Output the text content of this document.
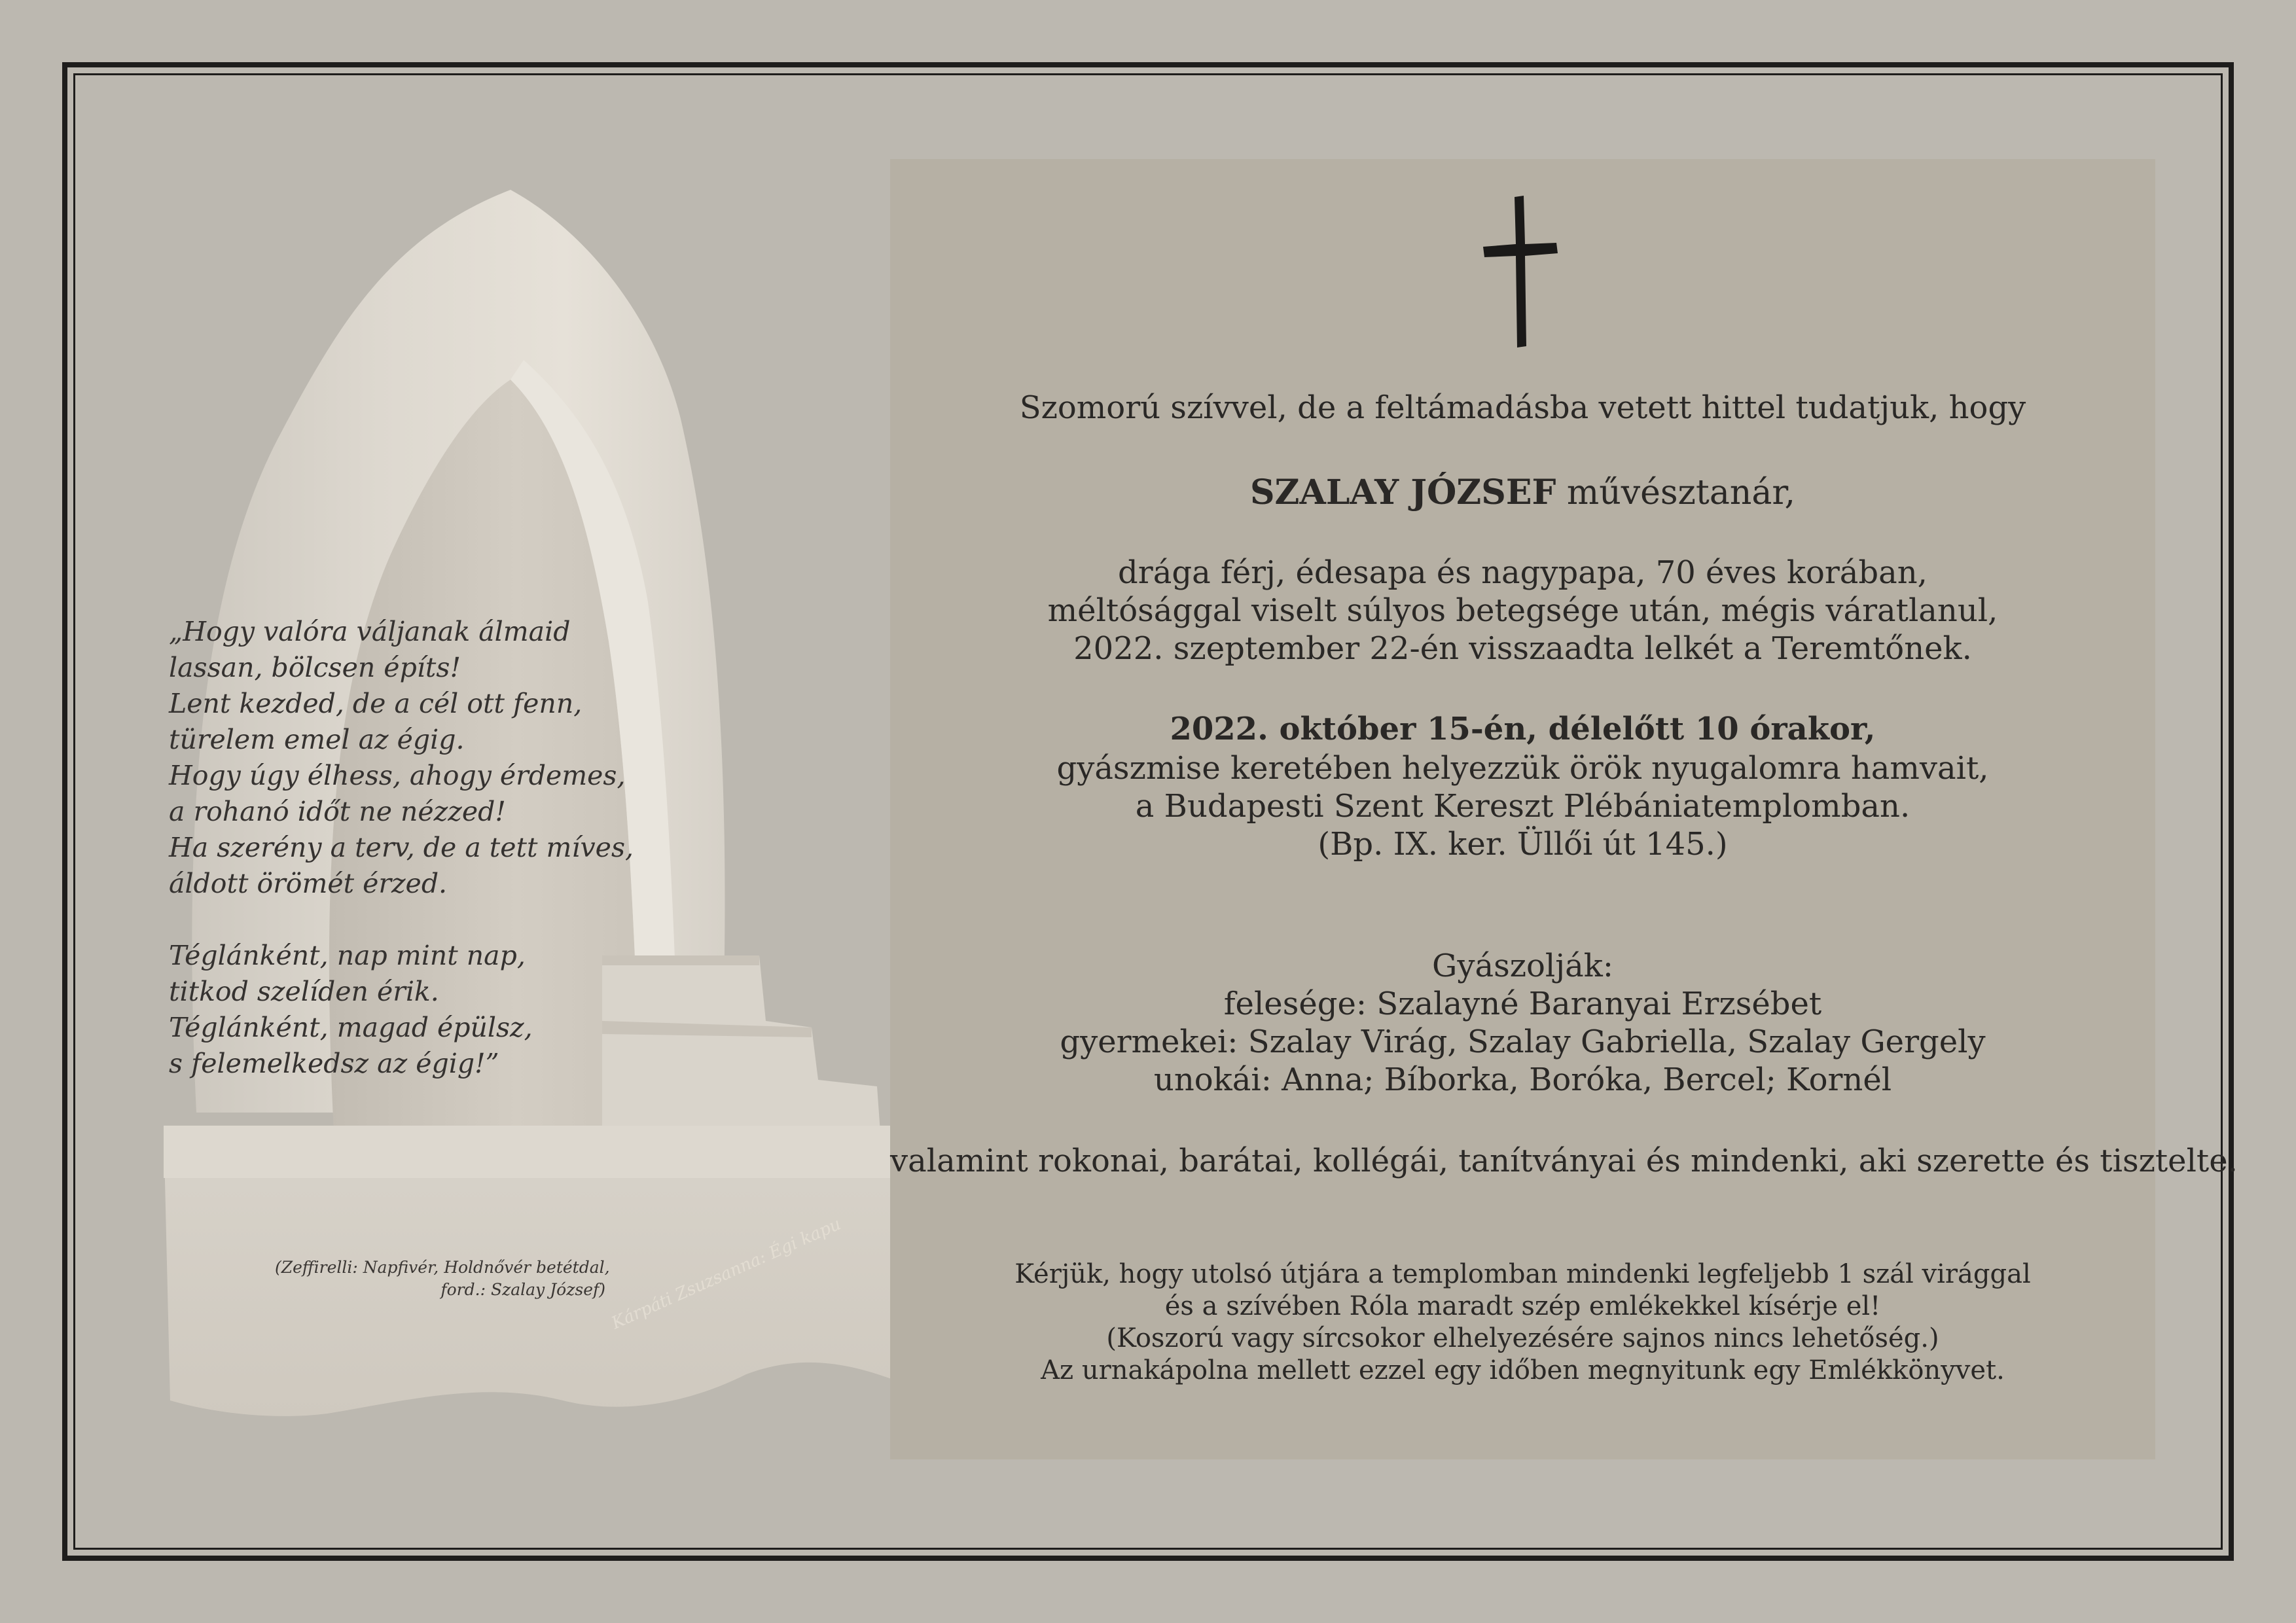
„Hogy valóra váljanak álmaid
lassan, bölcsen építs!
Lent kezded, de a cél ott fenn,
türelem emel az égig.
Hogy úgy élhess, ahogy érdemes,
a rohanó időt ne nézzed!
Ha szerény a terv, de a tett míves,
áldott örömét érzed.
Téglánként, nap mint nap,
titkod szelíden érik.
Téglánként, magad épülsz,
s felemelkedsz az égig!”
(Zeffirelli: Napfivér, Holdnővér betétdal,
ford.: Szalay József) Kárpáti Zsuzsanna: Égi kapu
Szomorú szívvel, de a feltámadásba vetett hittel tudatjuk, hogy
SZALAY JÓZSEF művésztanár,
drága férj, édesapa és nagypapa, 70 éves korában,
méltósággal viselt súlyos betegsége után, mégis váratlanul,
2022. szeptember 22-én visszaadta lelkét a Teremtőnek.
2022. október 15-én, délelőtt 10 órakor,
gyászmise keretében helyezzük örök nyugalomra hamvait,
a Budapesti Szent Kereszt Plébániatemplomban.
(Bp. IX. ker. Üllői út 145.)
Gyászolják:
felesége: Szalayné Baranyai Erzsébet
gyermekei: Szalay Virág, Szalay Gabriella, Szalay Gergely
unokái: Anna; Bíborka, Boróka, Bercel; Kornél
valamint rokonai, barátai, kollégái, tanítványai és mindenki, aki szerette és tisztelte.
Kérjük, hogy utolsó útjára a templomban mindenki legfeljebb 1 szál virággal
és a szívében Róla maradt szép emlékekkel kísérje el!
(Koszorú vagy sírcsokor elhelyezésére sajnos nincs lehetőség.)
Az urnakápolna mellett ezzel egy időben megnyitunk egy Emlékkönyvet.
